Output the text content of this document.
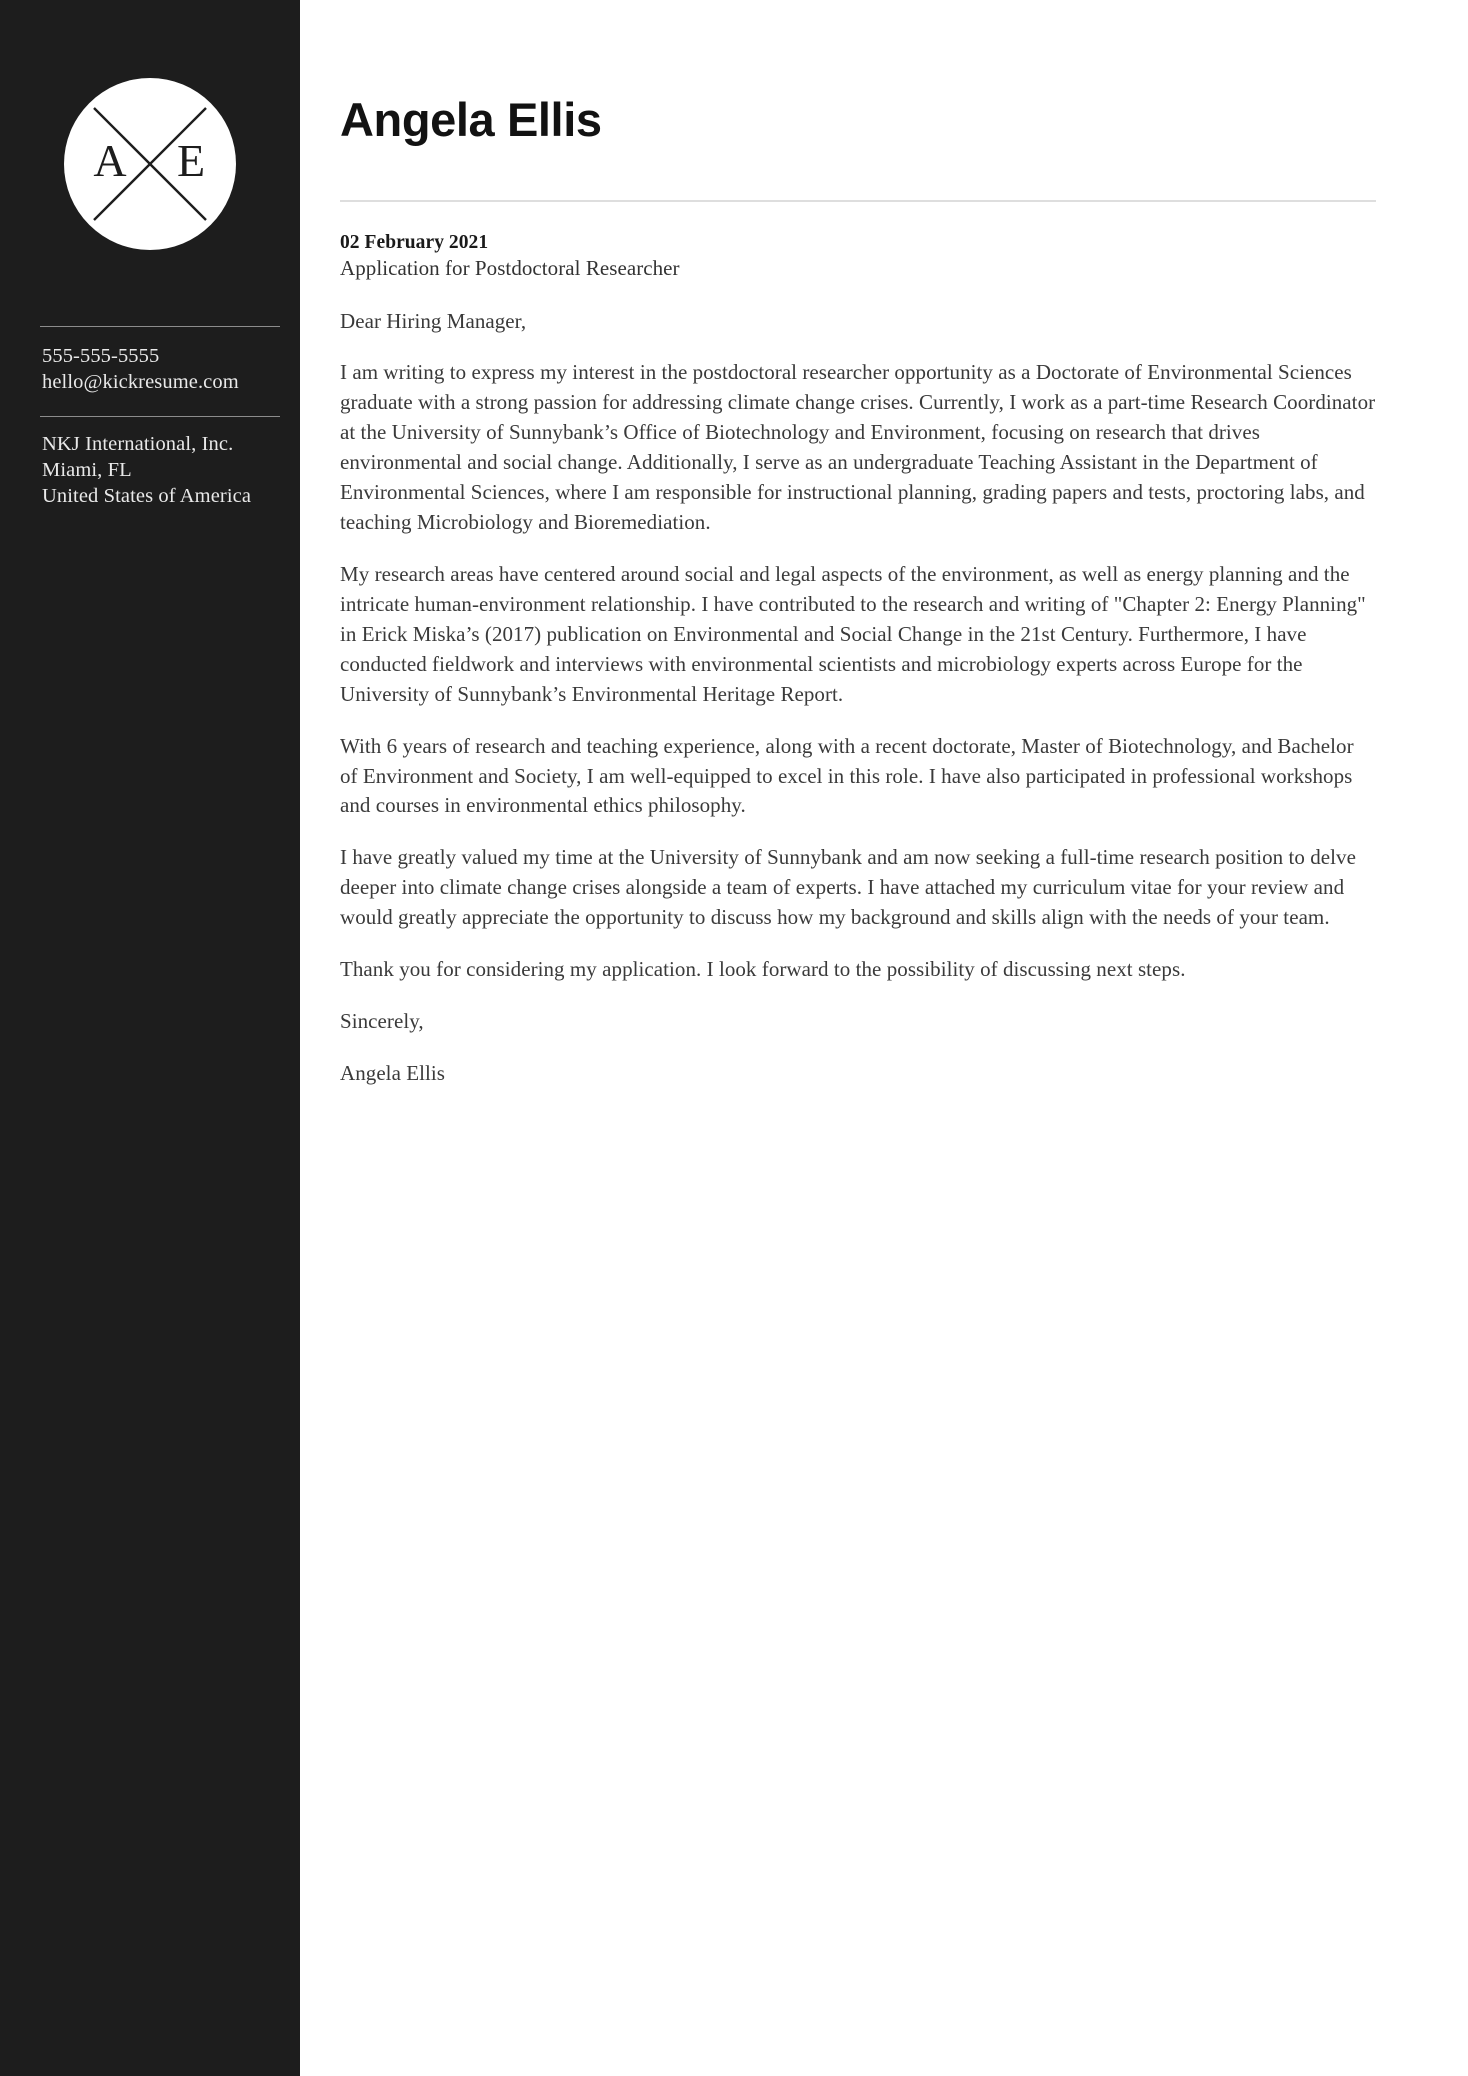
A E
555-555-5555
hello@kickresume.com
NKJ International, Inc.
Miami, FL
United States of America
Angela Ellis
02 February 2021
Application for Postdoctoral Researcher
Dear Hiring Manager,

I am writing to express my interest in the postdoctoral researcher opportunity as a Doctorate of Environmental Sciences graduate with a strong passion for addressing climate change crises. Currently, I work as a part-time Research Coordinator at the University of Sunnybank’s Office of Biotechnology and Environment, focusing on research that drives environmental and social change. Additionally, I serve as an undergraduate Teaching Assistant in the Department of Environmental Sciences, where I am responsible for instructional planning, grading papers and tests, proctoring labs, and teaching Microbiology and Bioremediation.

My research areas have centered around social and legal aspects of the environment, as well as energy planning and the intricate human-environment relationship. I have contributed to the research and writing of "Chapter 2: Energy Planning" in Erick Miska’s (2017) publication on Environmental and Social Change in the 21st Century. Furthermore, I have conducted fieldwork and interviews with environmental scientists and microbiology experts across Europe for the University of Sunnybank’s Environmental Heritage Report.

With 6 years of research and teaching experience, along with a recent doctorate, Master of Biotechnology, and Bachelor of Environment and Society, I am well-equipped to excel in this role. I have also participated in professional workshops and courses in environmental ethics philosophy.

I have greatly valued my time at the University of Sunnybank and am now seeking a full-time research position to delve deeper into climate change crises alongside a team of experts. I have attached my curriculum vitae for your review and would greatly appreciate the opportunity to discuss how my background and skills align with the needs of your team.

Thank you for considering my application. I look forward to the possibility of discussing next steps.

Sincerely,
Angela Ellis
